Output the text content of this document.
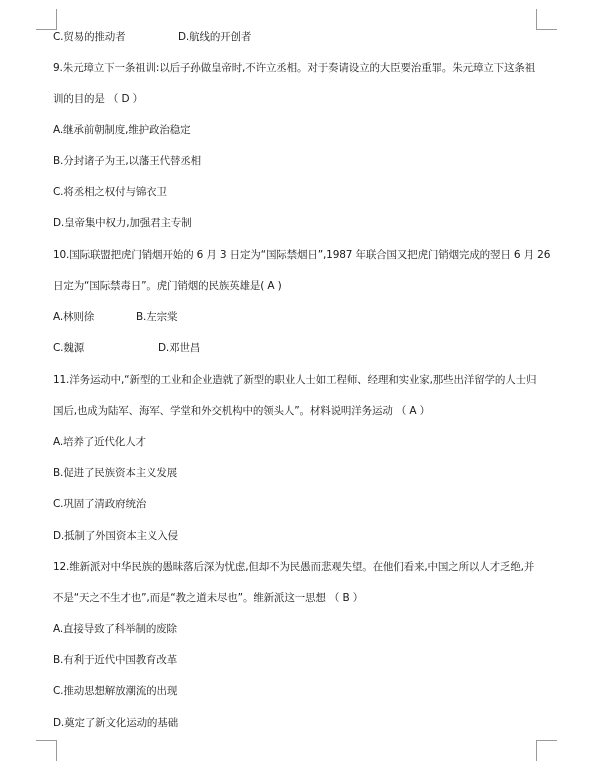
C.贸易的推动者	D.航线的开创者
9.朱元璋立下一条祖训:以后子孙做皇帝时,不许立丞相。对于奏请设立的大臣要治重罪。朱元璋立下这条祖
训的目的是 （ D ）
A.继承前朝制度,维护政治稳定
B.分封诸子为王,以藩王代替丞相
C.将丞相之权付与锦衣卫
D.皇帝集中权力,加强君主专制
10.国际联盟把虎门销烟开始的 6 月 3 日定为“国际禁烟日”,1987 年联合国又把虎门销烟完成的翌日 6 月 26
日定为“国际禁毒日”。虎门销烟的民族英雄是( A )
A.林则徐	B.左宗棠
C.魏源	D.邓世昌
11.洋务运动中,“新型的工业和企业造就了新型的职业人士如工程师、经理和实业家,那些出洋留学的人士归
国后,也成为陆军、海军、学堂和外交机构中的领头人”。材料说明洋务运动 （ A ）
A.培养了近代化人才
B.促进了民族资本主义发展
C.巩固了清政府统治
D.抵制了外国资本主义入侵
12.维新派对中华民族的愚昧落后深为忧虑,但却不为民愚而悲观失望。在他们看来,中国之所以人才乏绝,并
不是“天之不生才也”,而是“教之道未尽也”。维新派这一思想 （ B ）
A.直接导致了科举制的废除
B.有利于近代中国教育改革
C.推动思想解放潮流的出现
D.奠定了新文化运动的基础
